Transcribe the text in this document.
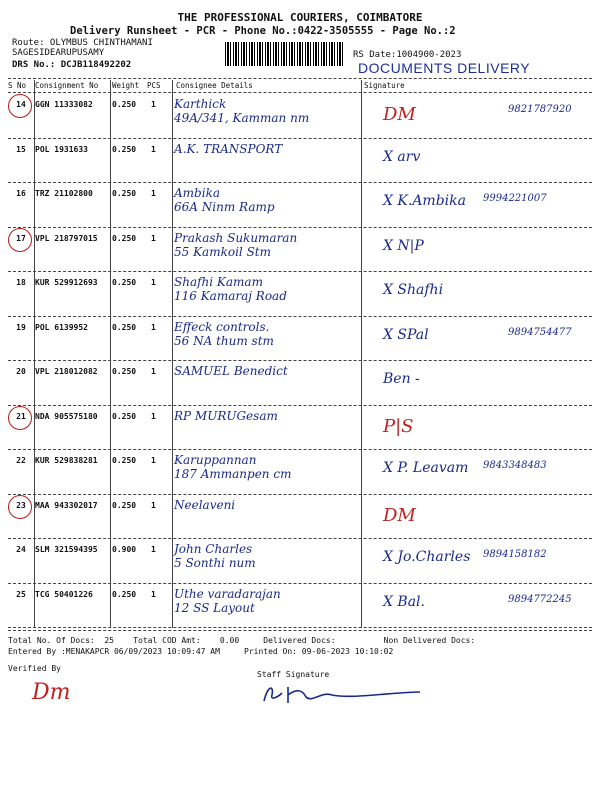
THE PROFESSIONAL COURIERS, COIMBATORE
Delivery Runsheet - PCR - Phone No.:0422-3505555 - Page No.:2
Route: OLYMBUS CHINTHAMANI
SAGESIDEARUPUSAMY
DRS No.: DCJB118492202
RS Date:1004900-2023
DOCUMENTS DELIVERY
S No Consignment No Weight PCS Consignee Details	Signature
14	GGN 11333082 0.250 1 Karthick
49A/341, Kamman nm	DM	9821787920
15	POL 1931633	0.250 1 A.K. TRANSPORT	X arv
16	TRZ 21102800 0.250 1 Ambika
66A Ninm Ramp	X K.Ambika 9994221007
17	VPL 218797015 0.250 1 Prakash Sukumaran
55 Kamkoil Stm	X N|P
18	KUR 529912693 0.250 1 Shafhi Kamam
116 Kamaraj Road	X Shafhi
19	POL 6139952	0.250 1 Effeck controls.
56 NA thum stm	X SPal	9894754477
20	VPL 218012082 0.250 1 SAMUEL Benedict	Ben -
21	NDA 905575180 0.250 1 RP MURUGesam	P|S
22	KUR 529838281 0.250 1 Karuppannan
187 Ammanpen cm	X P. Leavam 9843348483
23	MAA 943302017 0.250 1 Neelaveni	DM
24	SLM 321594395 0.900 1 John Charles
5 Sonthi num	X Jo.Charles 9894158182
25	TCG 50401226 0.250 1 Uthe varadarajan
12 SS Layout	X Bal.	9894772245
Total No. Of Docs:  25    Total COD Amt:    0.00     Delivered Docs:          Non Delivered Docs:
Entered By :MENAKAPCR 06/09/2023 10:09:47 AM     Printed On: 09-06-2023 10:10:02
Verified By
Staff Signature
Dm
